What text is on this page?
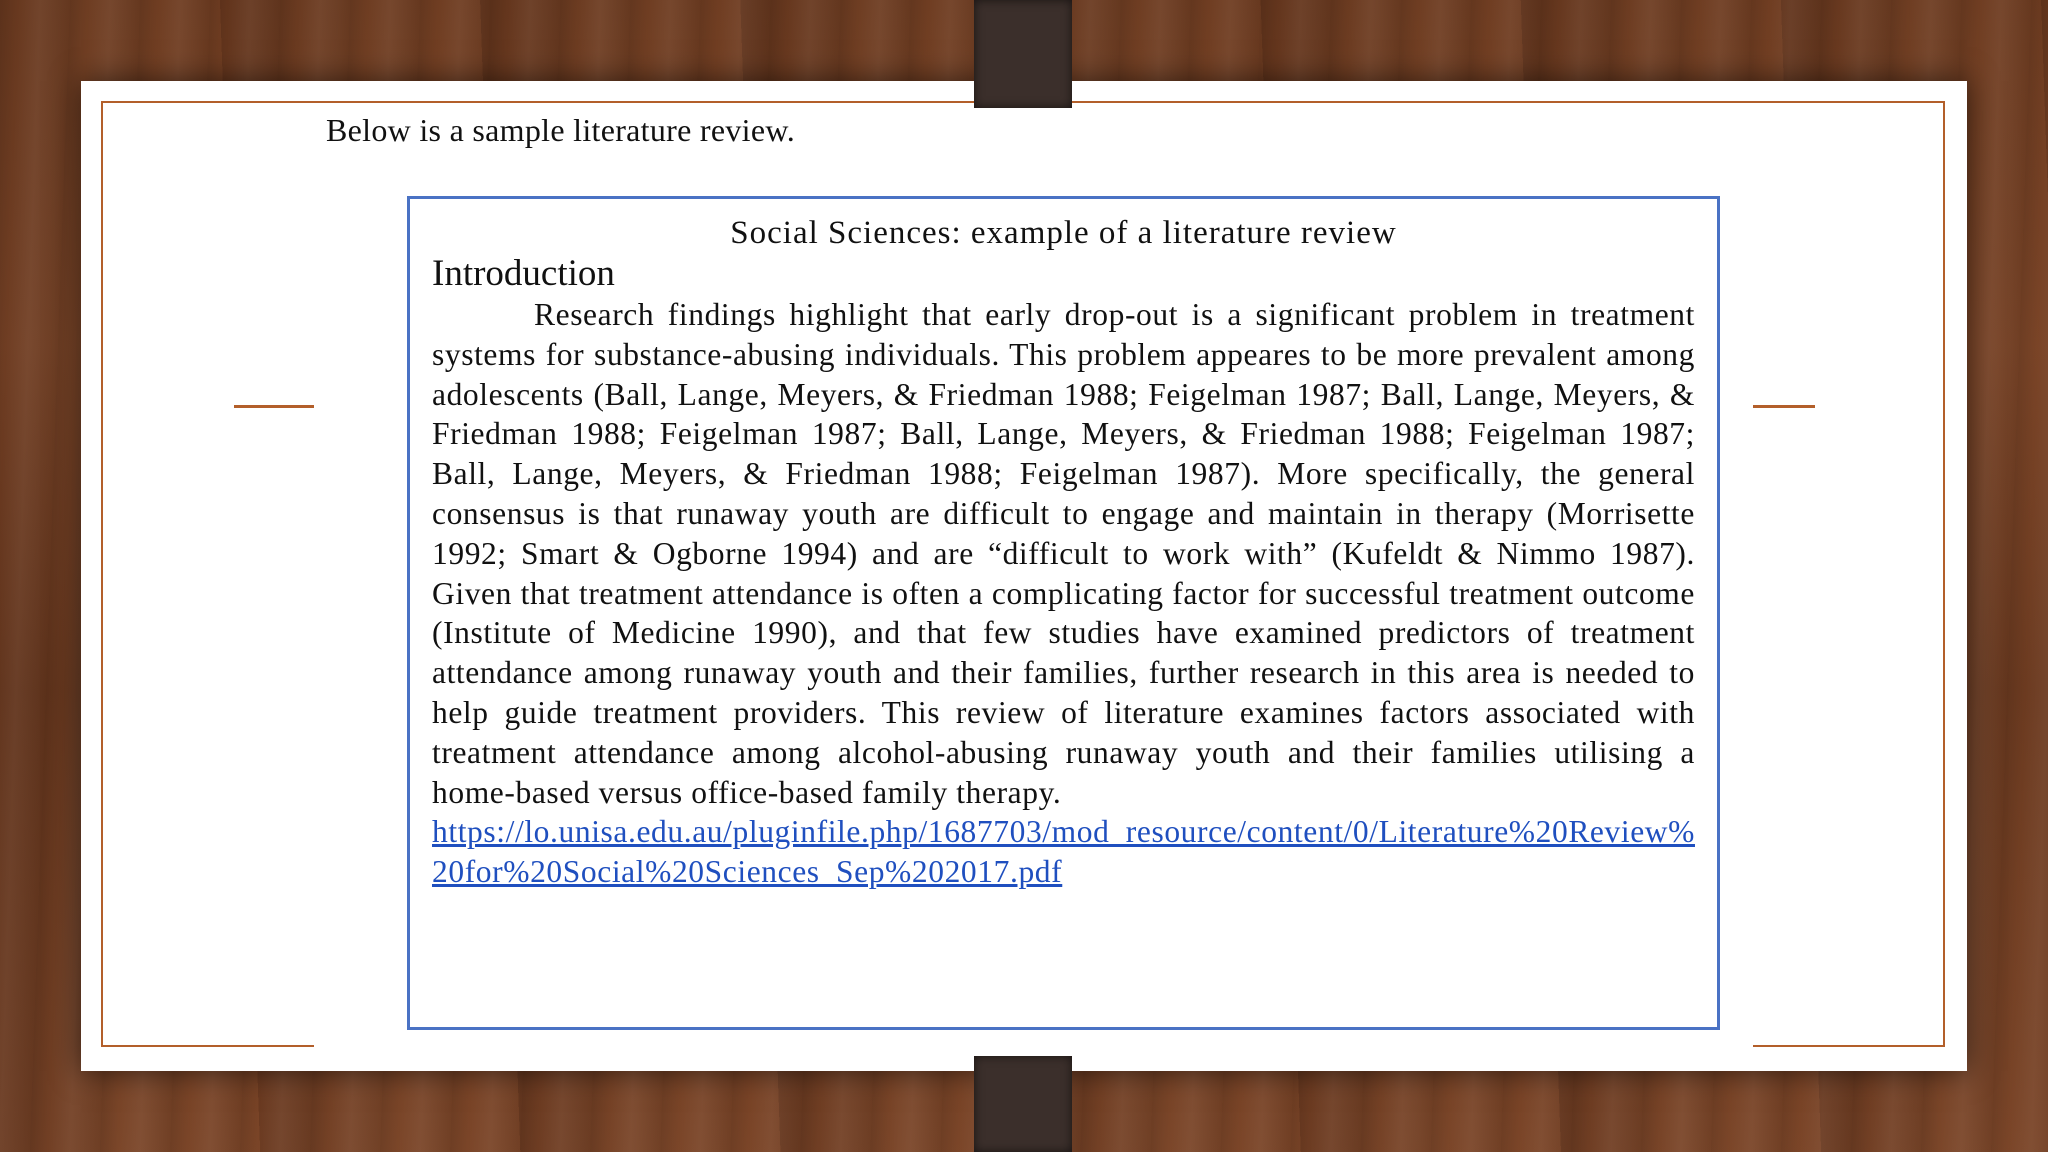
Below is a sample literature review.
Social Sciences: example of a literature review
Introduction

Research findings highlight that early drop-out is a significant problem in treatment systems for substance-abusing individuals. This problem appeares to be more prevalent among adolescents (Ball, Lange, Meyers, & Friedman 1988; Feigelman 1987; Ball, Lange, Meyers, & Friedman 1988; Feigelman 1987; Ball, Lange, Meyers, & Friedman 1988; Feigelman 1987; Ball, Lange, Meyers, & Friedman 1988; Feigelman 1987). More specifically, the general consensus is that runaway youth are difficult to engage and maintain in therapy (Morrisette 1992; Smart & Ogborne 1994) and are “difficult to work with” (Kufeldt & Nimmo 1987). Given that treatment attendance is often a complicating factor for successful treatment outcome (Institute of Medicine 1990), and that few studies have examined predictors of treatment attendance among runaway youth and their families, further research in this area is needed to help guide treatment providers. This review of literature examines factors associated with treatment attendance among alcohol-abusing runaway youth and their families utilising a home-based versus office-based family therapy.

https://lo.unisa.edu.au/pluginfile.php/1687703/mod_resource/content/0/Literature%20Review%20for%20Social%20Sciences_Sep%202017.pdf
